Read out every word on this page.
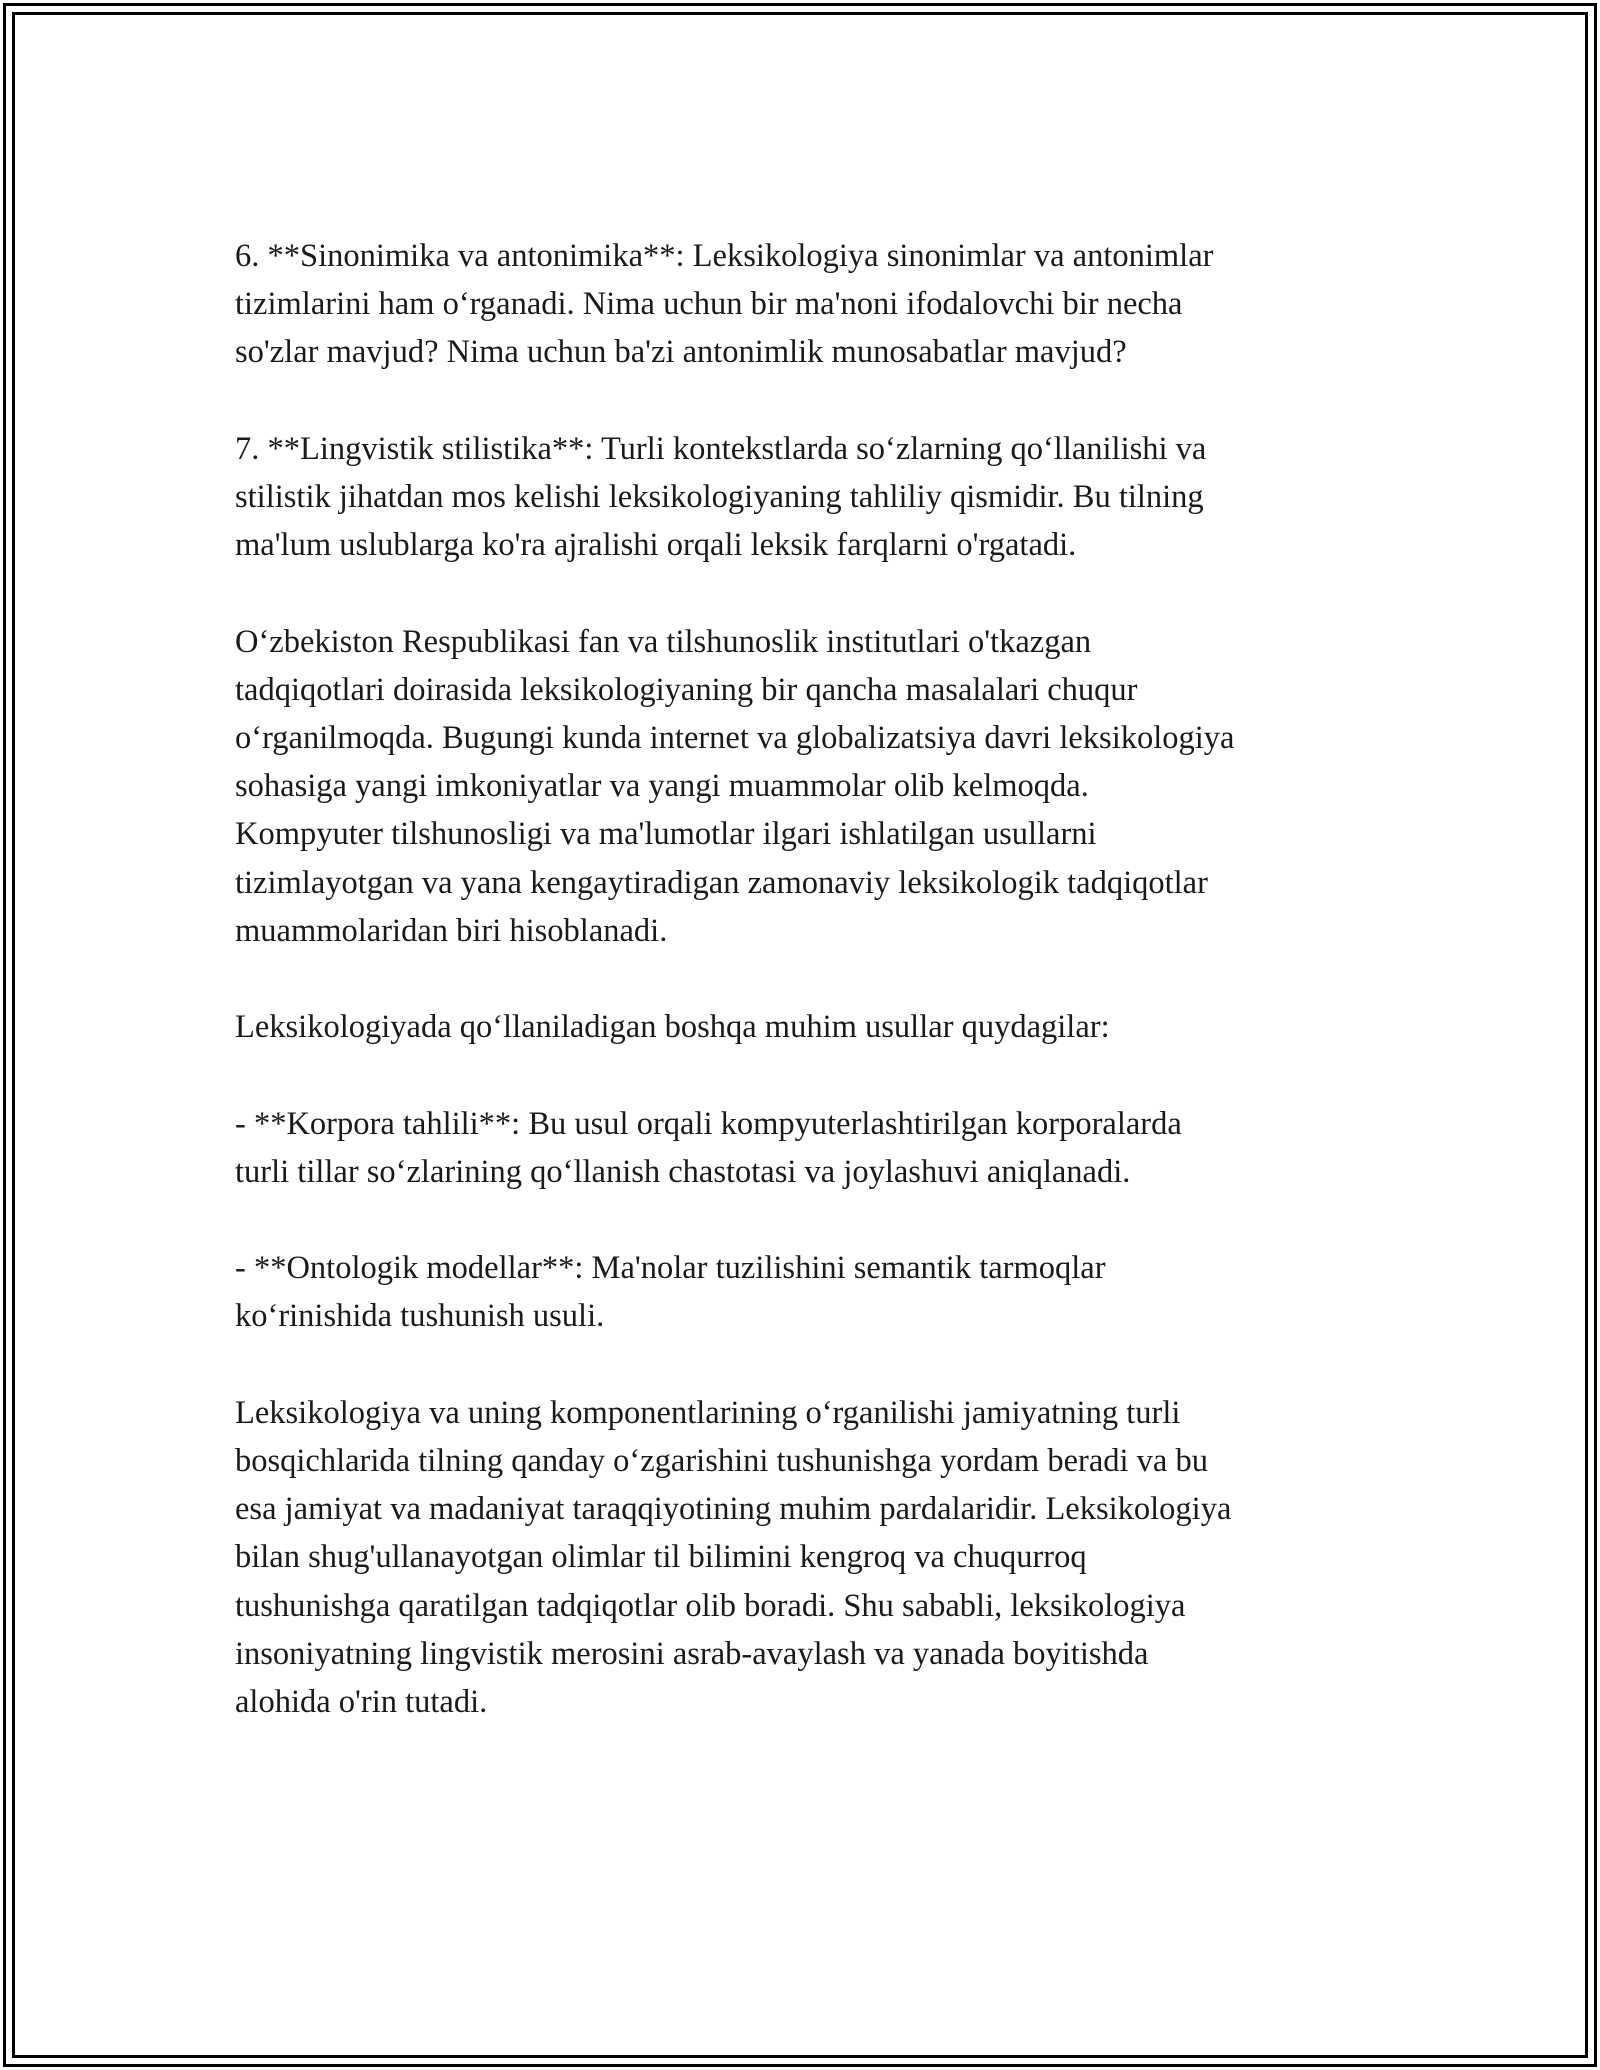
6. **Sinonimika va antonimika**: Leksikologiya sinonimlar va antonimlar
tizimlarini ham o‘rganadi. Nima uchun bir ma'noni ifodalovchi bir necha
so'zlar mavjud? Nima uchun ba'zi antonimlik munosabatlar mavjud?

7. **Lingvistik stilistika**: Turli kontekstlarda so‘zlarning qo‘llanilishi va
stilistik jihatdan mos kelishi leksikologiyaning tahliliy qismidir. Bu tilning
ma'lum uslublarga ko'ra ajralishi orqali leksik farqlarni o'rgatadi.

O‘zbekiston Respublikasi fan va tilshunoslik institutlari o'tkazgan
tadqiqotlari doirasida leksikologiyaning bir qancha masalalari chuqur
o‘rganilmoqda. Bugungi kunda internet va globalizatsiya davri leksikologiya
sohasiga yangi imkoniyatlar va yangi muammolar olib kelmoqda.
Kompyuter tilshunosligi va ma'lumotlar ilgari ishlatilgan usullarni
tizimlayotgan va yana kengaytiradigan zamonaviy leksikologik tadqiqotlar
muammolaridan biri hisoblanadi.

Leksikologiyada qo‘llaniladigan boshqa muhim usullar quydagilar:

- **Korpora tahlili**: Bu usul orqali kompyuterlashtirilgan korporalarda
turli tillar so‘zlarining qo‘llanish chastotasi va joylashuvi aniqlanadi.

- **Ontologik modellar**: Ma'nolar tuzilishini semantik tarmoqlar
ko‘rinishida tushunish usuli.

Leksikologiya va uning komponentlarining o‘rganilishi jamiyatning turli
bosqichlarida tilning qanday o‘zgarishini tushunishga yordam beradi va bu
esa jamiyat va madaniyat taraqqiyotining muhim pardalaridir. Leksikologiya
bilan shug'ullanayotgan olimlar til bilimini kengroq va chuqurroq
tushunishga qaratilgan tadqiqotlar olib boradi. Shu sababli, leksikologiya
insoniyatning lingvistik merosini asrab-avaylash va yanada boyitishda
alohida o'rin tutadi.
